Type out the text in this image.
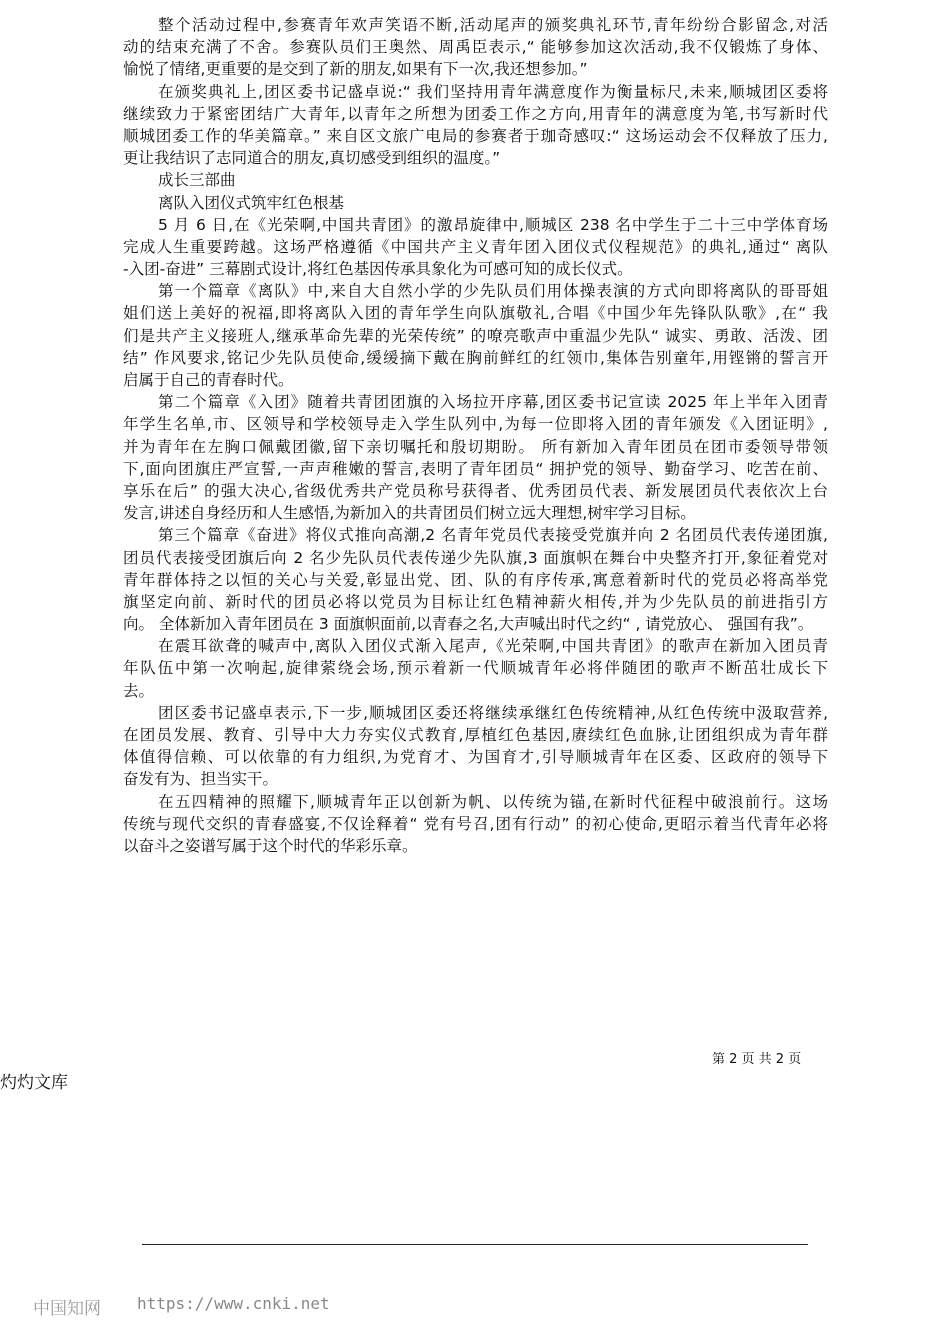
整个活动过程中,参赛青年欢声笑语不断,活动尾声的颁奖典礼环节,青年纷纷合影留念,对活
动的结束充满了不舍。参赛队员们王奥然、周禹臣表示,“ 能够参加这次活动,我不仅锻炼了身体、
愉悦了情绪,更重要的是交到了新的朋友,如果有下一次,我还想参加。”
在颁奖典礼上,团区委书记盛卓说:“ 我们坚持用青年满意度作为衡量标尺,未来,顺城团区委将
继续致力于紧密团结广大青年,以青年之所想为团委工作之方向,用青年的满意度为笔,书写新时代
顺城团委工作的华美篇章。” 来自区文旅广电局的参赛者于珈奇感叹:“ 这场运动会不仅释放了压力,
更让我结识了志同道合的朋友,真切感受到组织的温度。”
成长三部曲
离队入团仪式筑牢红色根基
5 月 6 日,在《光荣啊,中国共青团》的激昂旋律中,顺城区 238 名中学生于二十三中学体育场
完成人生重要跨越。这场严格遵循《中国共产主义青年团入团仪式仪程规范》的典礼,通过“ 离队
-入团-奋进” 三幕剧式设计,将红色基因传承具象化为可感可知的成长仪式。
第一个篇章《离队》中,来自大自然小学的少先队员们用体操表演的方式向即将离队的哥哥姐
姐们送上美好的祝福,即将离队入团的青年学生向队旗敬礼,合唱《中国少年先锋队队歌》,在“ 我
们是共产主义接班人,继承革命先辈的光荣传统” 的嘹亮歌声中重温少先队“ 诚实、勇敢、活泼、团
结” 作风要求,铭记少先队员使命,缓缓摘下戴在胸前鲜红的红领巾,集体告别童年,用铿锵的誓言开
启属于自己的青春时代。
第二个篇章《入团》随着共青团团旗的入场拉开序幕,团区委书记宣读 2025 年上半年入团青
年学生名单,市、区领导和学校领导走入学生队列中,为每一位即将入团的青年颁发《入团证明》,
并为青年在左胸口佩戴团徽,留下亲切嘱托和殷切期盼。 所有新加入青年团员在团市委领导带领
下,面向团旗庄严宣誓,一声声稚嫩的誓言,表明了青年团员“ 拥护党的领导、勤奋学习、吃苦在前、
享乐在后” 的强大决心,省级优秀共产党员称号获得者、优秀团员代表、新发展团员代表依次上台
发言,讲述自身经历和人生感悟,为新加入的共青团员们树立远大理想,树牢学习目标。
第三个篇章《奋进》将仪式推向高潮,2 名青年党员代表接受党旗并向 2 名团员代表传递团旗,
团员代表接受团旗后向 2 名少先队员代表传递少先队旗,3 面旗帜在舞台中央整齐打开,象征着党对
青年群体持之以恒的关心与关爱,彰显出党、团、队的有序传承,寓意着新时代的党员必将高举党
旗坚定向前、新时代的团员必将以党员为目标让红色精神薪火相传,并为少先队员的前进指引方
向。 全体新加入青年团员在 3 面旗帜面前,以青春之名,大声喊出时代之约“ , 请党放心、 强国有我”。
在震耳欲聋的喊声中,离队入团仪式渐入尾声,《光荣啊,中国共青团》的歌声在新加入团员青
年队伍中第一次响起,旋律萦绕会场,预示着新一代顺城青年必将伴随团的歌声不断茁壮成长下
去。
团区委书记盛卓表示,下一步,顺城团区委还将继续承继红色传统精神,从红色传统中汲取营养,
在团员发展、教育、引导中大力夯实仪式教育,厚植红色基因,赓续红色血脉,让团组织成为青年群
体值得信赖、可以依靠的有力组织,为党育才、为国育才,引导顺城青年在区委、区政府的领导下
奋发有为、担当实干。
在五四精神的照耀下,顺城青年正以创新为帆、以传统为锚,在新时代征程中破浪前行。这场
传统与现代交织的青春盛宴,不仅诠释着“ 党有号召,团有行动” 的初心使命,更昭示着当代青年必将
以奋斗之姿谱写属于这个时代的华彩乐章。
第 2 页 共 2 页
灼灼文库
中国知网 https://www.cnki.net
